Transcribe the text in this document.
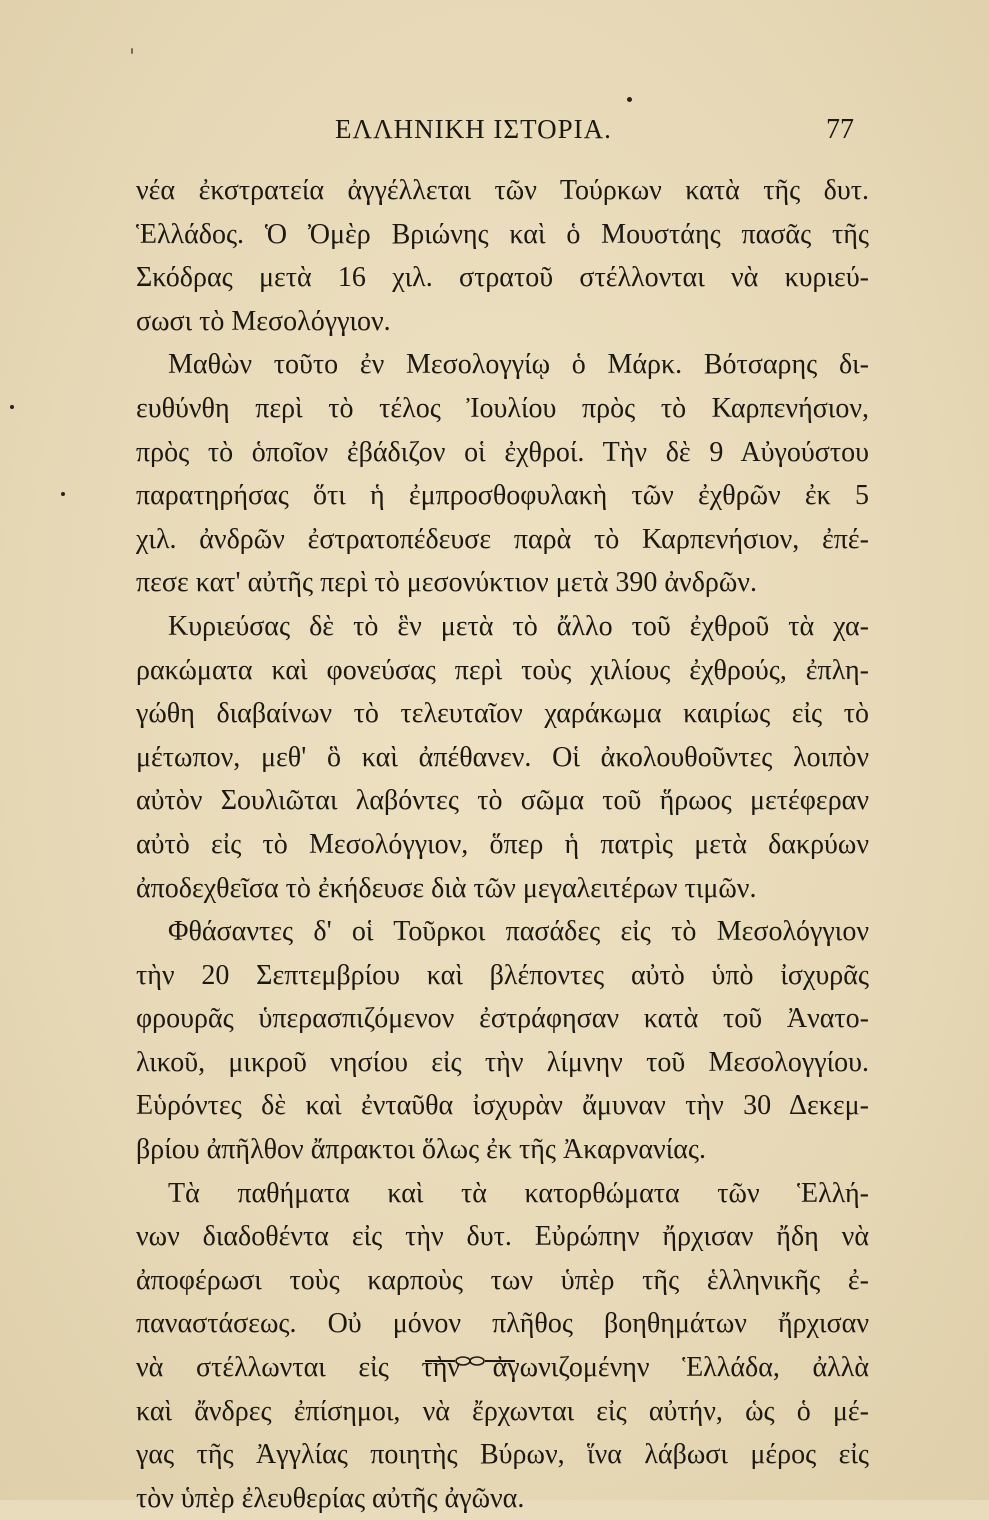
ΕΛΛΗΝΙΚΗ ΙΣΤΟΡΙΑ.	77
νέα ἐκστρατεία ἀγγέλλεται τῶν Τούρκων κατὰ τῆς δυτ.
Ἑλλάδος. Ὁ Ὀμὲρ Βριώνης καὶ ὁ Μουστάης πασᾶς τῆς
Σκόδρας μετὰ 16 χιλ. στρατοῦ στέλλονται νὰ κυριεύ-
σωσι τὸ Μεσολόγγιον.
Μαθὼν τοῦτο ἐν Μεσολογγίῳ ὁ Μάρκ. Βότσαρης δι-
ευθύνθη περὶ τὸ τέλος Ἰουλίου πρὸς τὸ Καρπενήσιον,
πρὸς τὸ ὁποῖον ἐβάδιζον οἱ ἐχθροί. Τὴν δὲ 9 Αὐγούστου
παρατηρήσας ὅτι ἡ ἐμπροσθοφυλακὴ τῶν ἐχθρῶν ἐκ 5
χιλ. ἀνδρῶν ἐστρατοπέδευσε παρὰ τὸ Καρπενήσιον, ἐπέ-
πεσε κατ' αὐτῆς περὶ τὸ μεσονύκτιον μετὰ 390 ἀνδρῶν.
Κυριεύσας δὲ τὸ ἓν μετὰ τὸ ἄλλο τοῦ ἐχθροῦ τὰ χα-
ρακώματα καὶ φονεύσας περὶ τοὺς χιλίους ἐχθρούς, ἐπλη-
γώθη διαβαίνων τὸ τελευταῖον χαράκωμα καιρίως εἰς τὸ
μέτωπον, μεθ' ὃ καὶ ἀπέθανεν. Οἱ ἀκολουθοῦντες λοιπὸν
αὐτὸν Σουλιῶται λαβόντες τὸ σῶμα τοῦ ἥρωος μετέφεραν
αὐτὸ εἰς τὸ Μεσολόγγιον, ὅπερ ἡ πατρὶς μετὰ δακρύων
ἀποδεχθεῖσα τὸ ἐκήδευσε διὰ τῶν μεγαλειτέρων τιμῶν.
Φθάσαντες δ' οἱ Τοῦρκοι πασάδες εἰς τὸ Μεσολόγγιον
τὴν 20 Σεπτεμβρίου καὶ βλέποντες αὐτὸ ὑπὸ ἰσχυρᾶς
φρουρᾶς ὑπερασπιζόμενον ἐστράφησαν κατὰ τοῦ Ἀνατο-
λικοῦ, μικροῦ νησίου εἰς τὴν λίμνην τοῦ Μεσολογγίου.
Εὑρόντες δὲ καὶ ἐνταῦθα ἰσχυρὰν ἄμυναν τὴν 30 Δεκεμ-
βρίου ἀπῆλθον ἄπρακτοι ὅλως ἐκ τῆς Ἀκαρνανίας.
Τὰ παθήματα καὶ τὰ κατορθώματα τῶν Ἑλλή-
νων διαδοθέντα εἰς τὴν δυτ. Εὐρώπην ἤρχισαν ἤδη νὰ
ἀποφέρωσι τοὺς καρποὺς των ὑπὲρ τῆς ἑλληνικῆς ἐ-
παναστάσεως. Οὐ μόνον πλῆθος βοηθημάτων ἤρχισαν
νὰ στέλλωνται εἰς τὴν ἀγωνιζομένην Ἑλλάδα, ἀλλὰ
καὶ ἄνδρες ἐπίσημοι, νὰ ἔρχωνται εἰς αὐτήν, ὡς ὁ μέ-
γας τῆς Ἀγγλίας ποιητὴς Βύρων, ἵνα λάβωσι μέρος εἰς
τὸν ὑπὲρ ἐλευθερίας αὐτῆς ἀγῶνα.
